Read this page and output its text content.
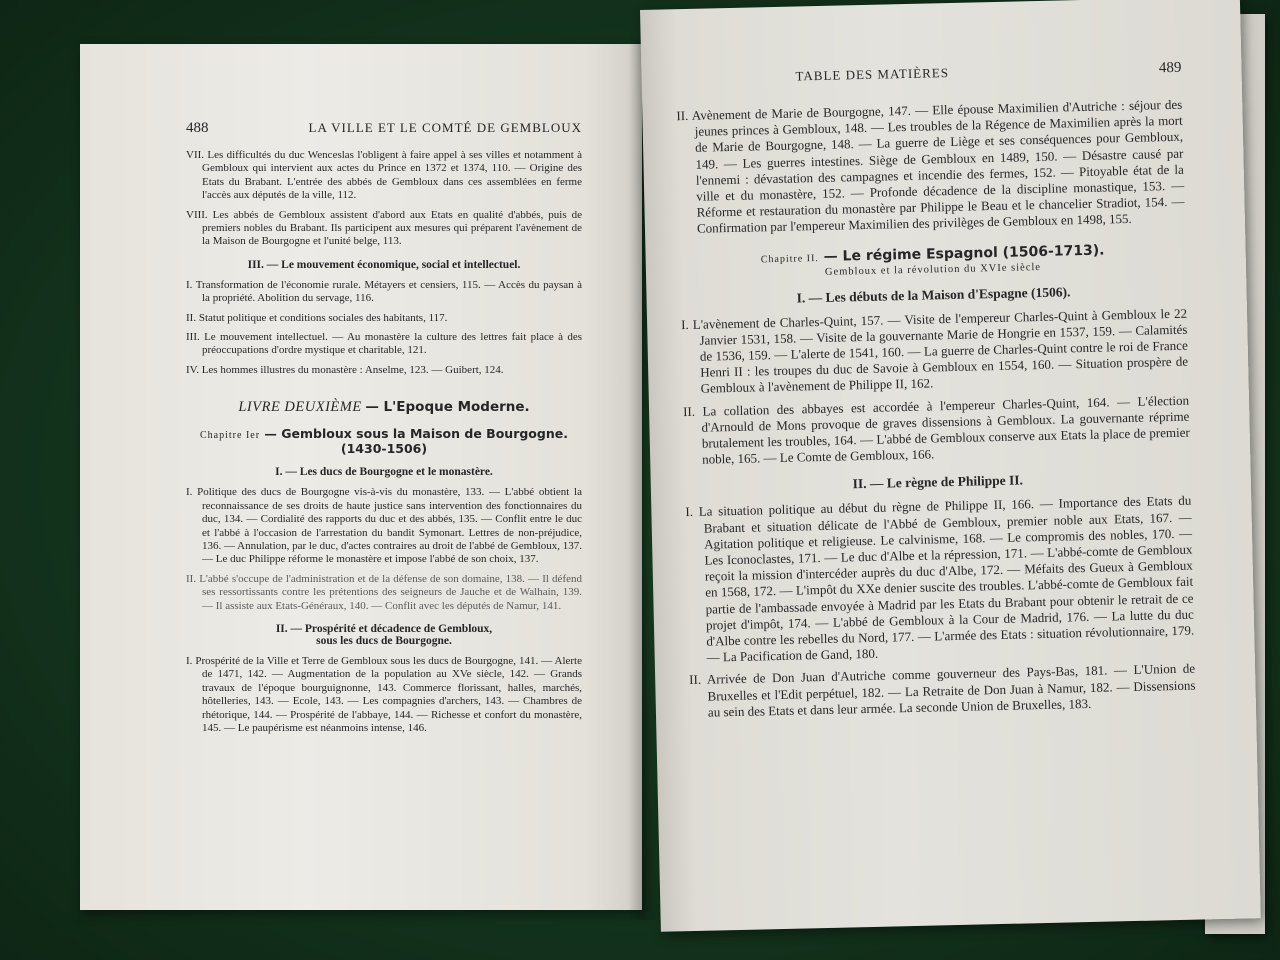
488	LA VILLE ET LE COMTÉ DE GEMBLOUX

VII. Les difficultés du duc Wenceslas l'obligent à faire appel à ses villes et notamment à Gembloux qui intervient aux actes du Prince en 1372 et 1374, 110. — Origine des Etats du Brabant. L'entrée des abbés de Gembloux dans ces assemblées en ferme l'accès aux députés de la ville, 112.

VIII. Les abbés de Gembloux assistent d'abord aux Etats en qualité d'abbés, puis de premiers nobles du Brabant. Ils participent aux mesures qui préparent l'avènement de la Maison de Bourgogne et l'unité belge, 113.

III. — Le mouvement économique, social et intellectuel.

I. Transformation de l'économie rurale. Métayers et censiers, 115. — Accès du paysan à la propriété. Abolition du servage, 116.

II. Statut politique et conditions sociales des habitants, 117.

III. Le mouvement intellectuel. — Au monastère la culture des lettres fait place à des préoccupations d'ordre mystique et charitable, 121.

IV. Les hommes illustres du monastère : Anselme, 123. — Guibert, 124.

LIVRE DEUXIÈME — L'Epoque Moderne.
Chapitre Ier — Gembloux sous la Maison de Bourgogne.
(1430-1506)
I. — Les ducs de Bourgogne et le monastère.

I. Politique des ducs de Bourgogne vis-à-vis du monastère, 133. — L'abbé obtient la reconnaissance de ses droits de haute justice sans intervention des fonctionnaires du duc, 134. — Cordialité des rapports du duc et des abbés, 135. — Conflit entre le duc et l'abbé à l'occasion de l'arrestation du bandit Symonart. Lettres de non-préjudice, 136. — Annulation, par le duc, d'actes contraires au droit de l'abbé de Gembloux, 137. — Le duc Philippe réforme le monastère et impose l'abbé de son choix, 137.

II. L'abbé s'occupe de l'administration et de la défense de son domaine, 138. — Il défend ses ressortissants contre les prétentions des seigneurs de Jauche et de Walhain, 139. — Il assiste aux Etats-Généraux, 140. — Conflit avec les députés de Namur, 141.

II. — Prospérité et décadence de Gembloux,
sous les ducs de Bourgogne.

I. Prospérité de la Ville et Terre de Gembloux sous les ducs de Bourgogne, 141. — Alerte de 1471, 142. — Augmentation de la population au XVe siècle, 142. — Grands travaux de l'époque bourguignonne, 143. Commerce florissant, halles, marchés, hôtelleries, 143. — Ecole, 143. — Les compagnies d'archers, 143. — Chambres de rhétorique, 144. — Prospérité de l'abbaye, 144. — Richesse et confort du monastère, 145. — Le paupérisme est néanmoins intense, 146.

TABLE DES MATIÈRES	489

II. Avènement de Marie de Bourgogne, 147. — Elle épouse Maximilien d'Autriche : séjour des jeunes princes à Gembloux, 148. — Les troubles de la Régence de Maximilien après la mort de Marie de Bourgogne, 148. — La guerre de Liège et ses conséquences pour Gembloux, 149. — Les guerres intestines. Siège de Gembloux en 1489, 150. — Désastre causé par l'ennemi : dévastation des campagnes et incendie des fermes, 152. — Pitoyable état de la ville et du monastère, 152. — Profonde décadence de la discipline monastique, 153. — Réforme et restauration du monastère par Philippe le Beau et le chancelier Stradiot, 154. — Confirmation par l'empereur Maximilien des privilèges de Gembloux en 1498, 155.

Chapitre II. — Le régime Espagnol (1506-1713).
Gembloux et la révolution du XVIe siècle
I. — Les débuts de la Maison d'Espagne (1506).

I. L'avènement de Charles-Quint, 157. — Visite de l'empereur Charles-Quint à Gembloux le 22 Janvier 1531, 158. — Visite de la gouvernante Marie de Hongrie en 1537, 159. — Calamités de 1536, 159. — L'alerte de 1541, 160. — La guerre de Charles-Quint contre le roi de France Henri II : les troupes du duc de Savoie à Gembloux en 1554, 160. — Situation prospère de Gembloux à l'avènement de Philippe II, 162.

II. La collation des abbayes est accordée à l'empereur Charles-Quint, 164. — L'élection d'Arnould de Mons provoque de graves dissensions à Gembloux. La gouvernante réprime brutalement les troubles, 164. — L'abbé de Gembloux conserve aux Etats la place de premier noble, 165. — Le Comte de Gembloux, 166.

II. — Le règne de Philippe II.

I. La situation politique au début du règne de Philippe II, 166. — Importance des Etats du Brabant et situation délicate de l'Abbé de Gembloux, premier noble aux Etats, 167. — Agitation politique et religieuse. Le calvinisme, 168. — Le compromis des nobles, 170. — Les Iconoclastes, 171. — Le duc d'Albe et la répression, 171. — L'abbé-comte de Gembloux reçoit la mission d'intercéder auprès du duc d'Albe, 172. — Méfaits des Gueux à Gembloux en 1568, 172. — L'impôt du XXe denier suscite des troubles. L'abbé-comte de Gembloux fait partie de l'ambassade envoyée à Madrid par les Etats du Brabant pour obtenir le retrait de ce projet d'impôt, 174. — L'abbé de Gembloux à la Cour de Madrid, 176. — La lutte du duc d'Albe contre les rebelles du Nord, 177. — L'armée des Etats : situation révolutionnaire, 179. — La Pacification de Gand, 180.

II. Arrivée de Don Juan d'Autriche comme gouverneur des Pays-Bas, 181. — L'Union de Bruxelles et l'Edit perpétuel, 182. — La Retraite de Don Juan à Namur, 182. — Dissensions au sein des Etats et dans leur armée. La seconde Union de Bruxelles, 183.
